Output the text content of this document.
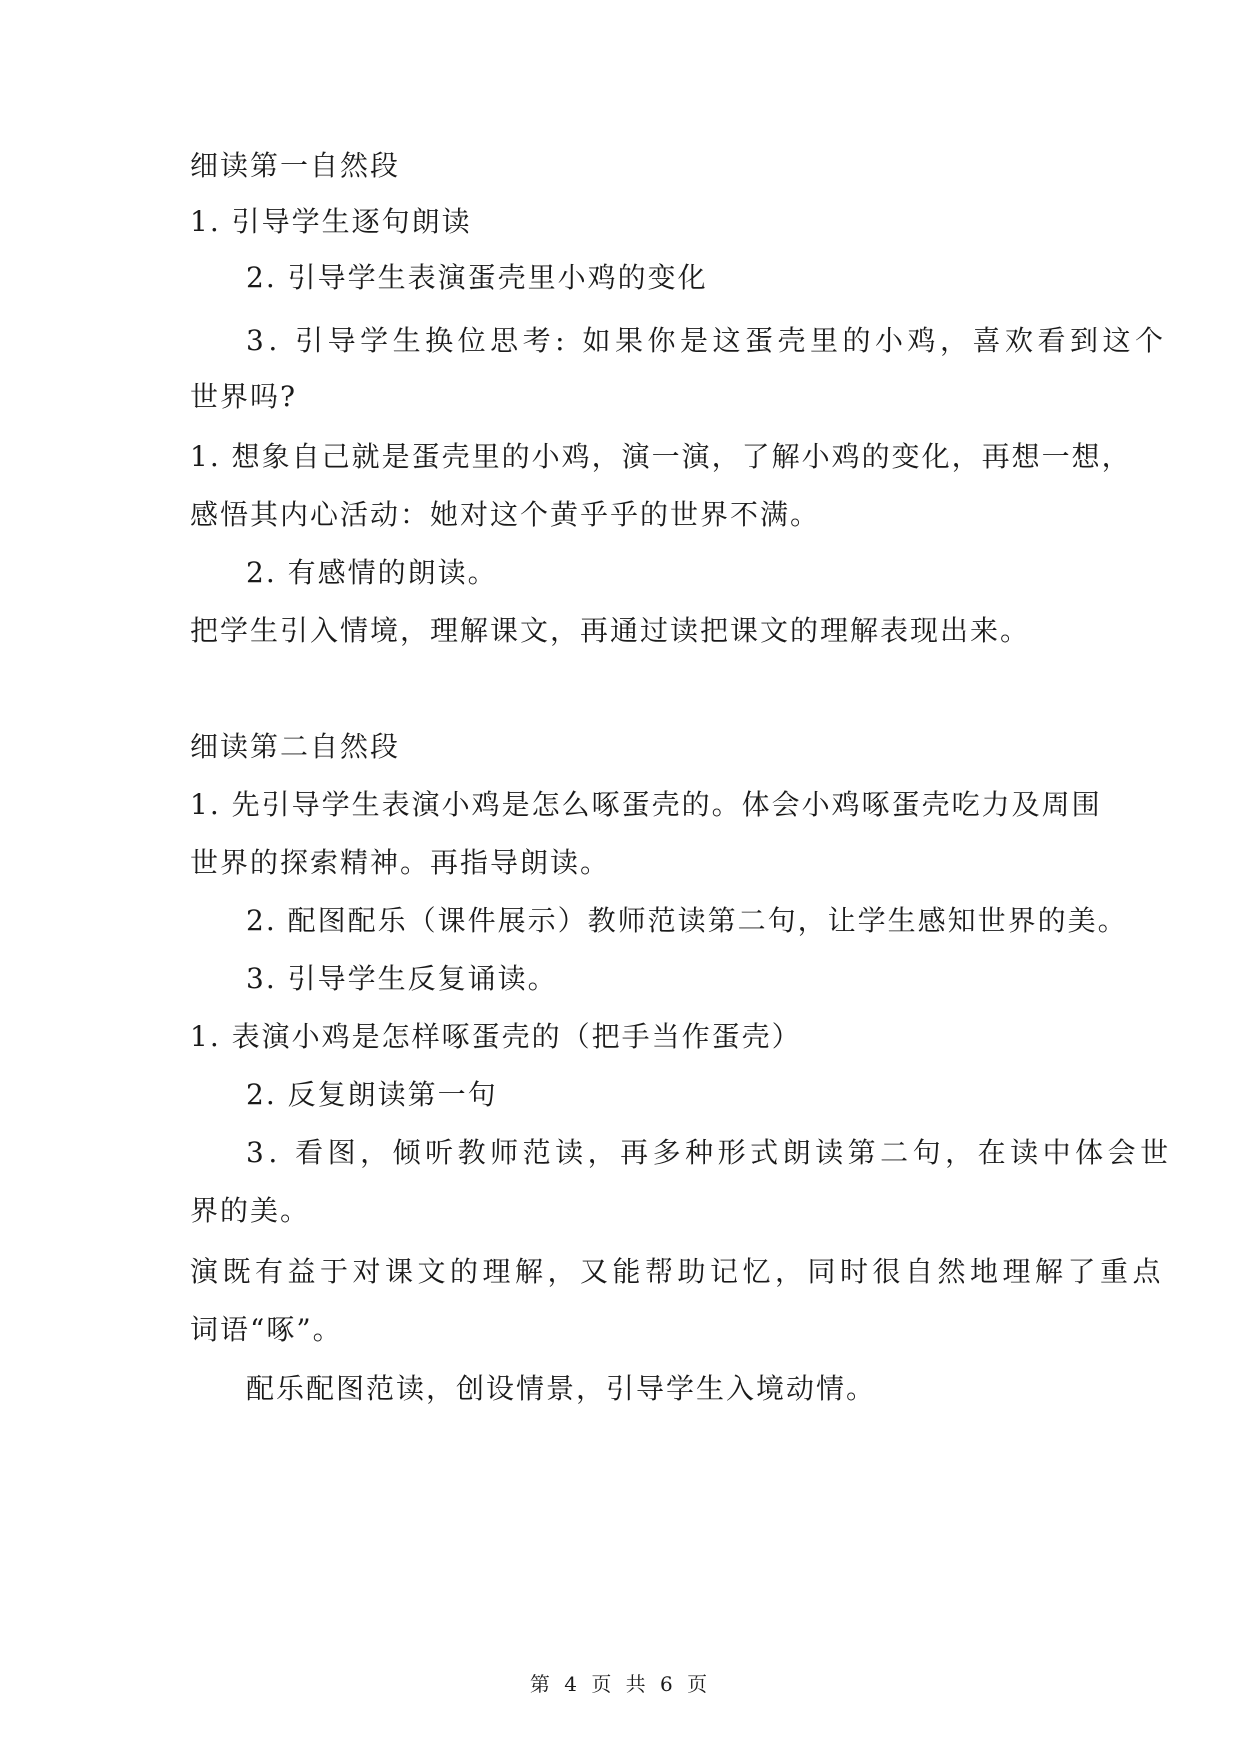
细读第一自然段
1. 引导学生逐句朗读
2. 引导学生表演蛋壳里小鸡的变化
3. 引导学生换位思考: 如果你是这蛋壳里的小鸡，喜欢看到这个
世界吗?
1. 想象自己就是蛋壳里的小鸡，演一演，了解小鸡的变化，再想一想，
感悟其内心活动：她对这个黄乎乎的世界不满。
2. 有感情的朗读。
把学生引入情境，理解课文，再通过读把课文的理解表现出来。
细读第二自然段
1. 先引导学生表演小鸡是怎么啄蛋壳的。体会小鸡啄蛋壳吃力及周围
世界的探索精神。再指导朗读。
2. 配图配乐（课件展示）教师范读第二句，让学生感知世界的美。
3. 引导学生反复诵读。
1. 表演小鸡是怎样啄蛋壳的（把手当作蛋壳）
2. 反复朗读第一句
3. 看图，倾听教师范读，再多种形式朗读第二句，在读中体会世
界的美。
演既有益于对课文的理解，又能帮助记忆，同时很自然地理解了重点
词语“啄”。
配乐配图范读，创设情景，引导学生入境动情。
第 4 页 共 6 页
